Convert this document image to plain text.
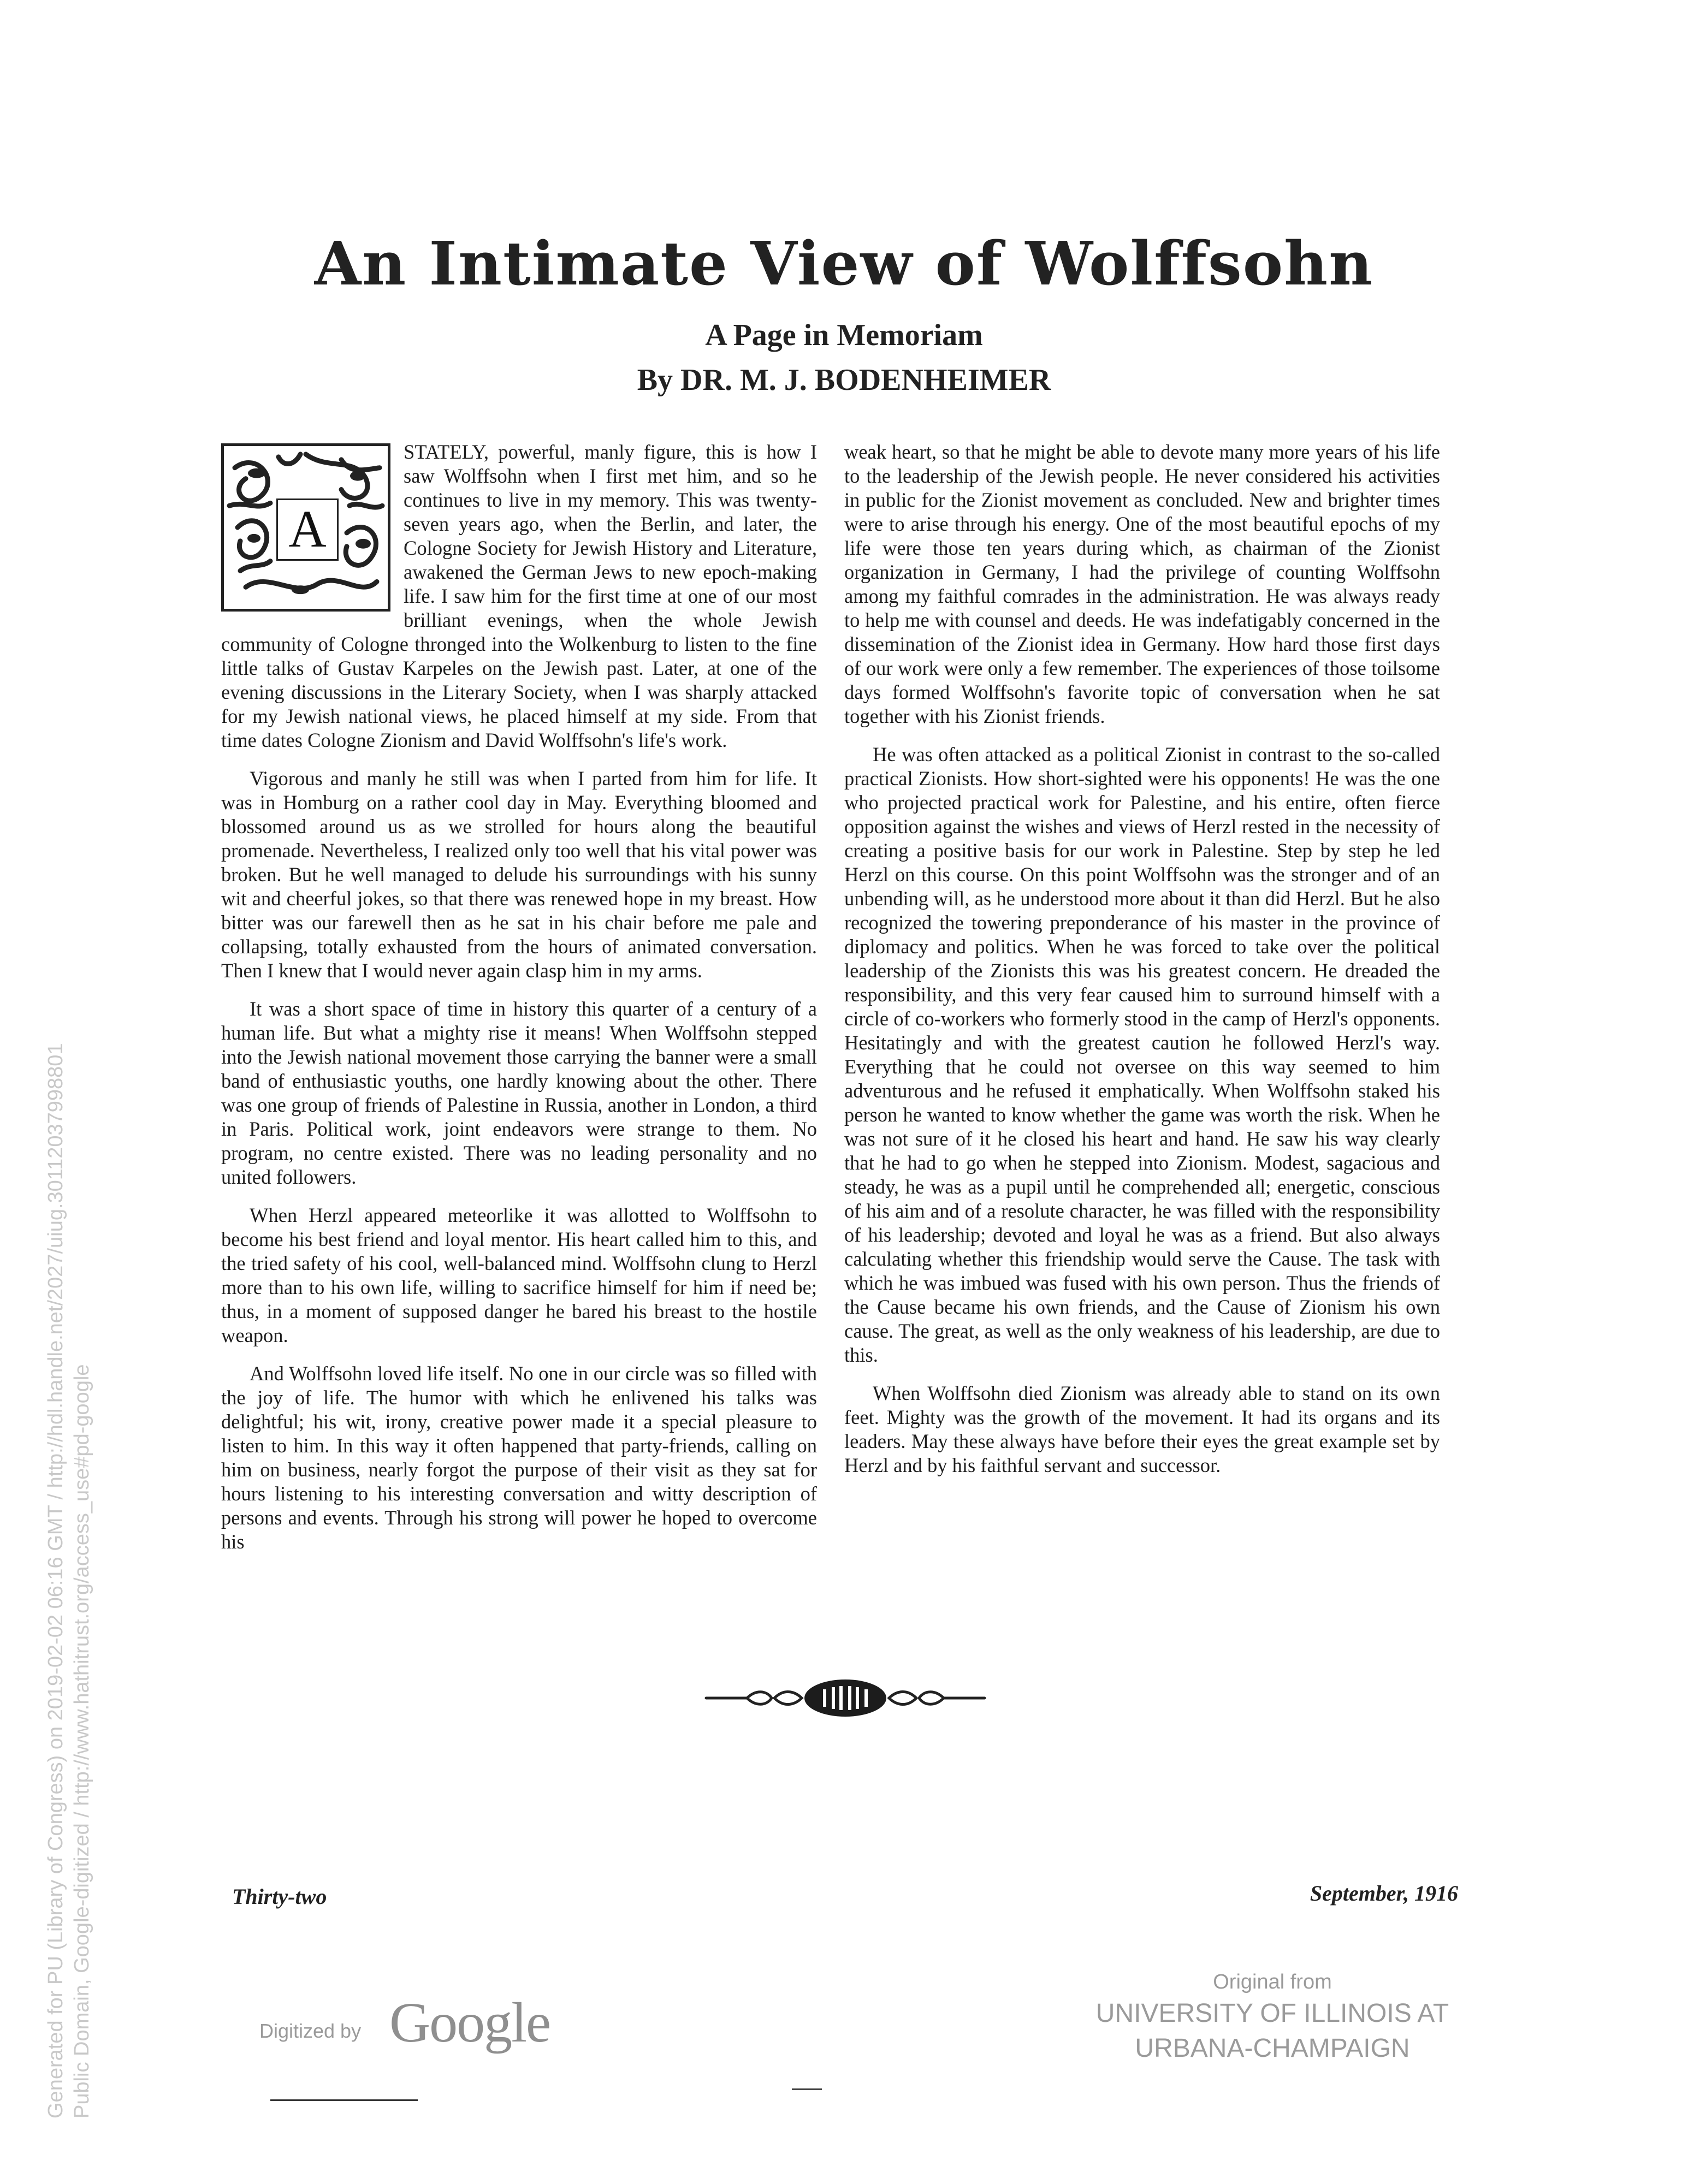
An Intimate View of Wolffsohn
A Page in Memoriam
By DR. M. J. BODENHEIMER
A

STATELY, powerful, manly figure, this is how I saw Wolffsohn when I first met him, and so he continues to live in my memory. This was twenty-seven years ago, when the Berlin, and later, the Cologne Society for Jewish History and Literature, awakened the German Jews to new epoch-making life. I saw him for the first time at one of our most brilliant evenings, when the whole Jewish community of Cologne thronged into the Wolkenburg to listen to the fine little talks of Gustav Karpeles on the Jewish past. Later, at one of the evening discussions in the Literary Society, when I was sharply attacked for my Jewish national views, he placed himself at my side. From that time dates Cologne Zionism and David Wolffsohn's life's work.

Vigorous and manly he still was when I parted from him for life. It was in Homburg on a rather cool day in May. Everything bloomed and blossomed around us as we strolled for hours along the beautiful promenade. Nevertheless, I realized only too well that his vital power was broken. But he well managed to delude his surroundings with his sunny wit and cheerful jokes, so that there was renewed hope in my breast. How bitter was our farewell then as he sat in his chair before me pale and collapsing, totally exhausted from the hours of animated conversation. Then I knew that I would never again clasp him in my arms.

It was a short space of time in history this quarter of a century of a human life. But what a mighty rise it means! When Wolffsohn stepped into the Jewish national movement those carrying the banner were a small band of enthusiastic youths, one hardly knowing about the other. There was one group of friends of Palestine in Russia, another in London, a third in Paris. Political work, joint endeavors were strange to them. No program, no centre existed. There was no leading personality and no united followers.

When Herzl appeared meteorlike it was allotted to Wolffsohn to become his best friend and loyal mentor. His heart called him to this, and the tried safety of his cool, well-balanced mind. Wolffsohn clung to Herzl more than to his own life, willing to sacrifice himself for him if need be; thus, in a moment of supposed danger he bared his breast to the hostile weapon.

And Wolffsohn loved life itself. No one in our circle was so filled with the joy of life. The humor with which he enlivened his talks was delightful; his wit, irony, creative power made it a special pleasure to listen to him. In this way it often happened that party-friends, calling on him on business, nearly forgot the purpose of their visit as they sat for hours listening to his interesting conversation and witty description of persons and events. Through his strong will power he hoped to overcome his

weak heart, so that he might be able to devote many more years of his life to the leadership of the Jewish people. He never considered his activities in public for the Zionist movement as concluded. New and brighter times were to arise through his energy. One of the most beautiful epochs of my life were those ten years during which, as chairman of the Zionist organization in Germany, I had the privilege of counting Wolffsohn among my faithful comrades in the administration. He was always ready to help me with counsel and deeds. He was indefatigably concerned in the dissemination of the Zionist idea in Germany. How hard those first days of our work were only a few remember. The experiences of those toilsome days formed Wolffsohn's favorite topic of conversation when he sat together with his Zionist friends.

He was often attacked as a political Zionist in contrast to the so-called practical Zionists. How short-sighted were his opponents! He was the one who projected practical work for Palestine, and his entire, often fierce opposition against the wishes and views of Herzl rested in the necessity of creating a positive basis for our work in Palestine. Step by step he led Herzl on this course. On this point Wolffsohn was the stronger and of an unbending will, as he understood more about it than did Herzl. But he also recognized the towering preponderance of his master in the province of diplomacy and politics. When he was forced to take over the political leadership of the Zionists this was his greatest concern. He dreaded the responsibility, and this very fear caused him to surround himself with a circle of co-workers who formerly stood in the camp of Herzl's opponents. Hesitatingly and with the greatest caution he followed Herzl's way. Everything that he could not oversee on this way seemed to him adventurous and he refused it emphatically. When Wolffsohn staked his person he wanted to know whether the game was worth the risk. When he was not sure of it he closed his heart and hand. He saw his way clearly that he had to go when he stepped into Zionism. Modest, sagacious and steady, he was as a pupil until he comprehended all; energetic, conscious of his aim and of a resolute character, he was filled with the responsibility of his leadership; devoted and loyal he was as a friend. But also always calculating whether this friendship would serve the Cause. The task with which he was imbued was fused with his own person. Thus the friends of the Cause became his own friends, and the Cause of Zionism his own cause. The great, as well as the only weakness of his leadership, are due to this.

When Wolffsohn died Zionism was already able to stand on its own feet. Mighty was the growth of the movement. It had its organs and its leaders. May these always have before their eyes the great example set by Herzl and by his faithful servant and successor.

Thirty-two	September, 1916
Digitized by Google
Original from
UNIVERSITY OF ILLINOIS AT
URBANA-CHAMPAIGN
Generated for PU (Library of Congress) on 2019-02-02 06:16 GMT / http://hdl.handle.net/2027/uiug.30112037998801 Public Domain, Google-digitized / http://www.hathitrust.org/access_use#pd-google
